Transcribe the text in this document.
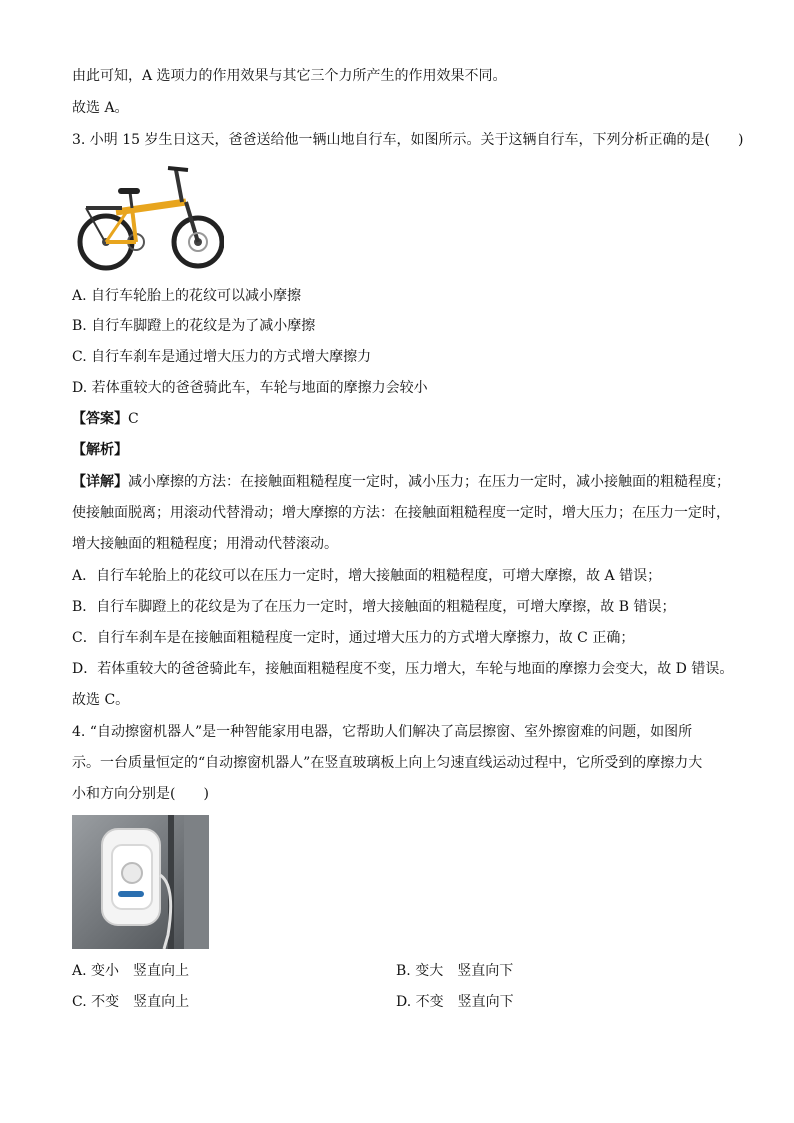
由此可知，A 选项力的作用效果与其它三个力所产生的作用效果不同。
故选 A。
3. 小明 15 岁生日这天，爸爸送给他一辆山地自行车，如图所示。关于这辆自行车，下列分析正确的是(　　)
A. 自行车轮胎上的花纹可以减小摩擦
B. 自行车脚蹬上的花纹是为了减小摩擦
C. 自行车刹车是通过增大压力的方式增大摩擦力
D. 若体重较大的爸爸骑此车，车轮与地面的摩擦力会较小
【答案】C
【解析】
【详解】减小摩擦的方法：在接触面粗糙程度一定时，减小压力；在压力一定时，减小接触面的粗糙程度；
使接触面脱离；用滚动代替滑动；增大摩擦的方法：在接触面粗糙程度一定时，增大压力；在压力一定时，
增大接触面的粗糙程度；用滑动代替滚动。
A．自行车轮胎上的花纹可以在压力一定时，增大接触面的粗糙程度，可增大摩擦，故 A 错误；
B．自行车脚蹬上的花纹是为了在压力一定时，增大接触面的粗糙程度，可增大摩擦，故 B 错误；
C．自行车刹车是在接触面粗糙程度一定时，通过增大压力的方式增大摩擦力，故 C 正确；
D．若体重较大的爸爸骑此车，接触面粗糙程度不变，压力增大，车轮与地面的摩擦力会变大，故 D 错误。
故选 C。
4. “自动擦窗机器人”是一种智能家用电器，它帮助人们解决了高层擦窗、室外擦窗难的问题，如图所
示。一台质量恒定的“自动擦窗机器人”在竖直玻璃板上向上匀速直线运动过程中，它所受到的摩擦力大
小和方向分别是(　　)
A. 变小　竖直向上	B. 变大　竖直向下
C. 不变　竖直向上	D. 不变　竖直向下
